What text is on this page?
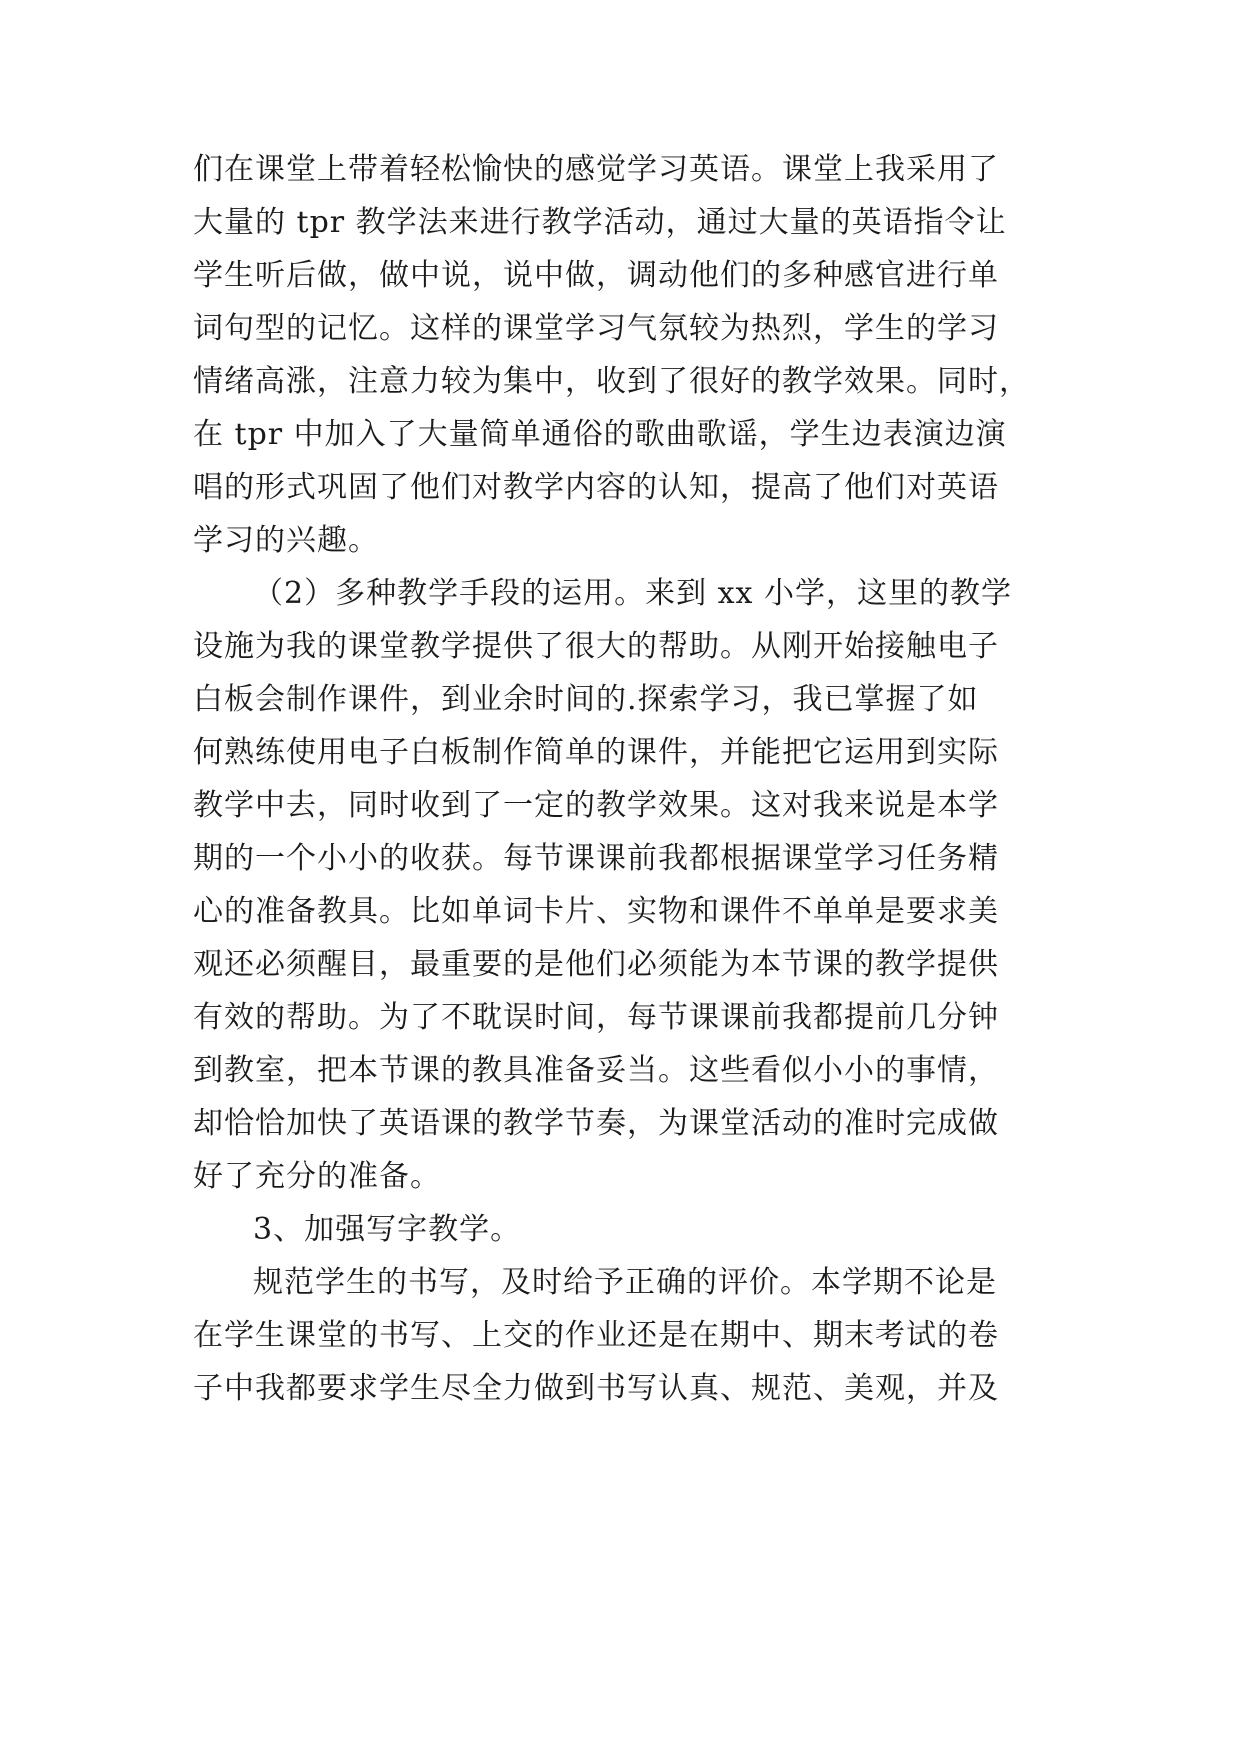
们在课堂上带着轻松愉快的感觉学习英语。课堂上我采用了
大量的 tpr 教学法来进行教学活动，通过大量的英语指令让
学生听后做，做中说，说中做，调动他们的多种感官进行单
词句型的记忆。这样的课堂学习气氛较为热烈，学生的学习
情绪高涨，注意力较为集中，收到了很好的教学效果。同时，
在 tpr 中加入了大量简单通俗的歌曲歌谣，学生边表演边演
唱的形式巩固了他们对教学内容的认知，提高了他们对英语
学习的兴趣。
（2）多种教学手段的运用。来到 xx 小学，这里的教学
设施为我的课堂教学提供了很大的帮助。从刚开始接触电子
白板会制作课件，到业余时间的.探索学习，我已掌握了如
何熟练使用电子白板制作简单的课件，并能把它运用到实际
教学中去，同时收到了一定的教学效果。这对我来说是本学
期的一个小小的收获。每节课课前我都根据课堂学习任务精
心的准备教具。比如单词卡片、实物和课件不单单是要求美
观还必须醒目，最重要的是他们必须能为本节课的教学提供
有效的帮助。为了不耽误时间，每节课课前我都提前几分钟
到教室，把本节课的教具准备妥当。这些看似小小的事情，
却恰恰加快了英语课的教学节奏，为课堂活动的准时完成做
好了充分的准备。
3、加强写字教学。
规范学生的书写，及时给予正确的评价。本学期不论是
在学生课堂的书写、上交的作业还是在期中、期末考试的卷
子中我都要求学生尽全力做到书写认真、规范、美观，并及
